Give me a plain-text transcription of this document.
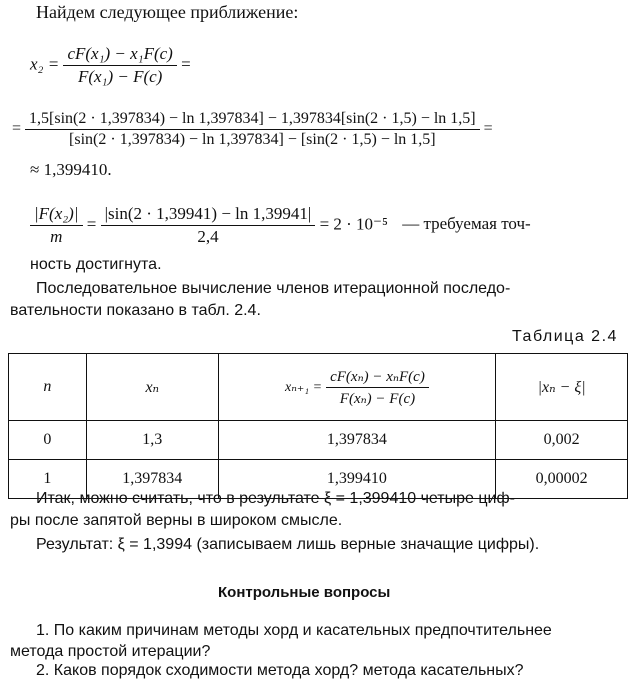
Найдем следующее приближение:
$x_2 = \frac{\text{cF(x₁) − x₁F(c)}}{\text{F(x₁) − F(c)}}$ =
=
1,5[sin(2 · 1,397834) − ln 1,397834] − 1,397834[sin(2 · 1,5) − ln 1,5]
[sin(2 · 1,397834) − ln 1,397834] − [sin(2 · 1,5) − ln 1,5]
=
≈ 1,399410.
$\frac{\text{|F(x₂)|}}{m} = \frac{|\sin(2 \cdot 1,39941) - \ln 1,39941|}{2,4} = 2 \cdot 10^{-5}$ — требуемая точ-
ность достигнута.
Последовательное вычисление членов итерационной последо-
вательности показано в табл. 2.4.
Таблица 2.4
n	xₙ	$x_{n+1} = \frac{\text{cF(xₙ) − xₙF(c)}}{\text{F(xₙ) − F(c)}}$	|xₙ − ξ|
0	1,3	1,397834	0,002
1	1,397834	1,399410	0,00002
Итак, можно считать, что в результате ξ = 1,399410 четыре циф-
ры после запятой верны в широком смысле.
Результат: ξ = 1,3994 (записываем лишь верные значащие цифры).
Контрольные вопросы
1. По каким причинам методы хорд и касательных предпочтительнее
метода простой итерации?
2. Каков порядок сходимости метода хорд? метода касательных?
